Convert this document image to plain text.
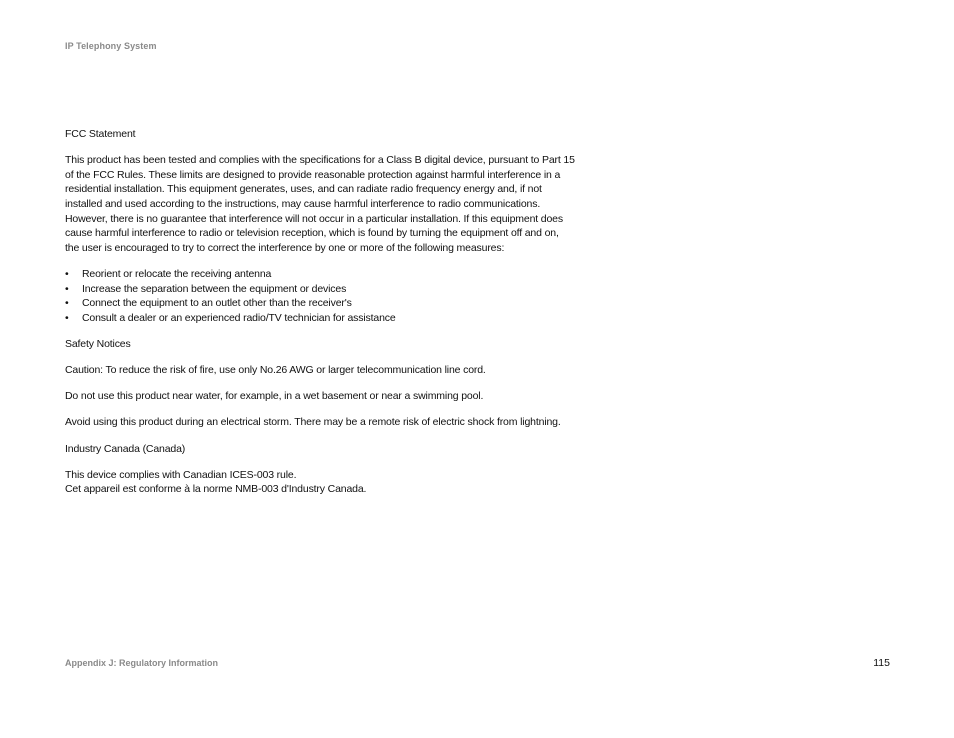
IP Telephony System

FCC Statement

This product has been tested and complies with the specifications for a Class B digital device, pursuant to Part 15
of the FCC Rules. These limits are designed to provide reasonable protection against harmful interference in a
residential installation. This equipment generates, uses, and can radiate radio frequency energy and, if not
installed and used according to the instructions, may cause harmful interference to radio communications.
However, there is no guarantee that interference will not occur in a particular installation. If this equipment does
cause harmful interference to radio or television reception, which is found by turning the equipment off and on,
the user is encouraged to try to correct the interference by one or more of the following measures:

• Reorient or relocate the receiving antenna
• Increase the separation between the equipment or devices
• Connect the equipment to an outlet other than the receiver's
• Consult a dealer or an experienced radio/TV technician for assistance

Safety Notices

Caution: To reduce the risk of fire, use only No.26 AWG or larger telecommunication line cord.

Do not use this product near water, for example, in a wet basement or near a swimming pool.

Avoid using this product during an electrical storm. There may be a remote risk of electric shock from lightning.

Industry Canada (Canada)

This device complies with Canadian ICES-003 rule.
Cet appareil est conforme à la norme NMB-003 d'Industry Canada.

Appendix J: Regulatory Information	115
